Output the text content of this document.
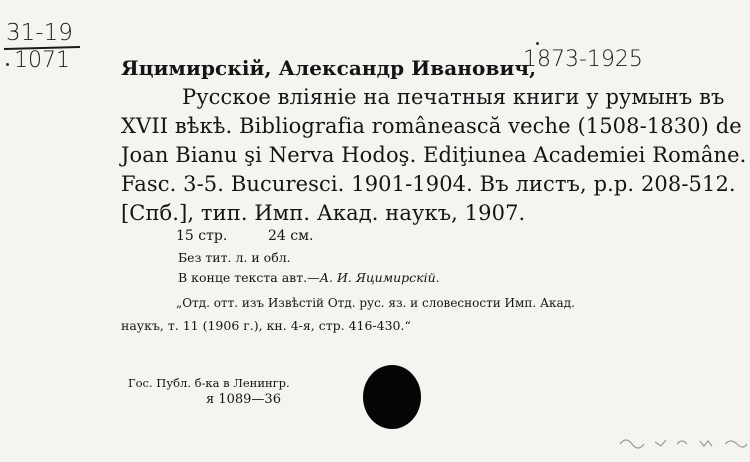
31-19
1071	Яцимирскій, Александр Иванович,
1873-1925
Русское вліяніе на печатныя книги у румынъ въ
XVII вѣкѣ. Bibliografia românească veche (1508-1830) de
Joan Bianu şi Nerva Hodoş. Ediţiunea Academiei Române.
Fasc. 3-5. Bucuresci. 1901-1904. Въ листъ, р.р. 208-512.
[Спб.], тип. Имп. Акад. наукъ, 1907.
15 стр.	24 см.
Без тит. л. и обл.
В конце текста авт.—А. И. Яцимирскій.
„Отд. отт. изъ Извѣстій Отд. рус. яз. и словесности Имп. Акад.
наукъ, т. 11 (1906 г.), кн. 4-я, стр. 416-430.“
Гос. Публ. б-ка в Ленингр.
я 1089—36
